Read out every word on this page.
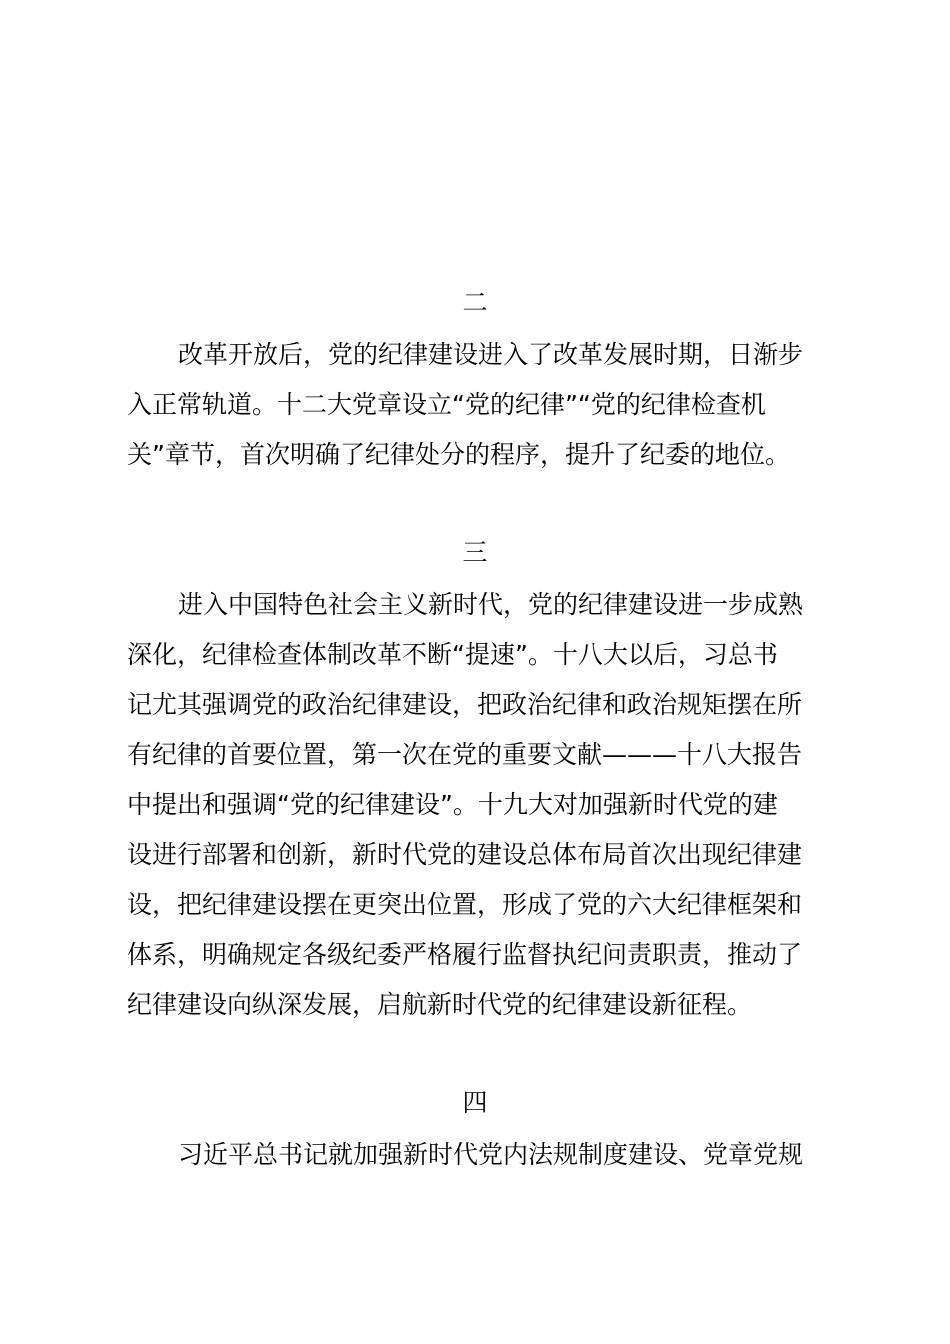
二

改革开放后，党的纪律建设进入了改革发展时期，日渐步

入正常轨道。十二大党章设立“党的纪律”“党的纪律检查机

关”章节，首次明确了纪律处分的程序，提升了纪委的地位。

三

进入中国特色社会主义新时代，党的纪律建设进一步成熟

深化，纪律检查体制改革不断“提速”。十八大以后，习总书

记尤其强调党的政治纪律建设，把政治纪律和政治规矩摆在所

有纪律的首要位置，第一次在党的重要文献———十八大报告

中提出和强调“党的纪律建设”。十九大对加强新时代党的建

设进行部署和创新，新时代党的建设总体布局首次出现纪律建

设，把纪律建设摆在更突出位置，形成了党的六大纪律框架和

体系，明确规定各级纪委严格履行监督执纪问责职责，推动了

纪律建设向纵深发展，启航新时代党的纪律建设新征程。

四

习近平总书记就加强新时代党内法规制度建设、党章党规
